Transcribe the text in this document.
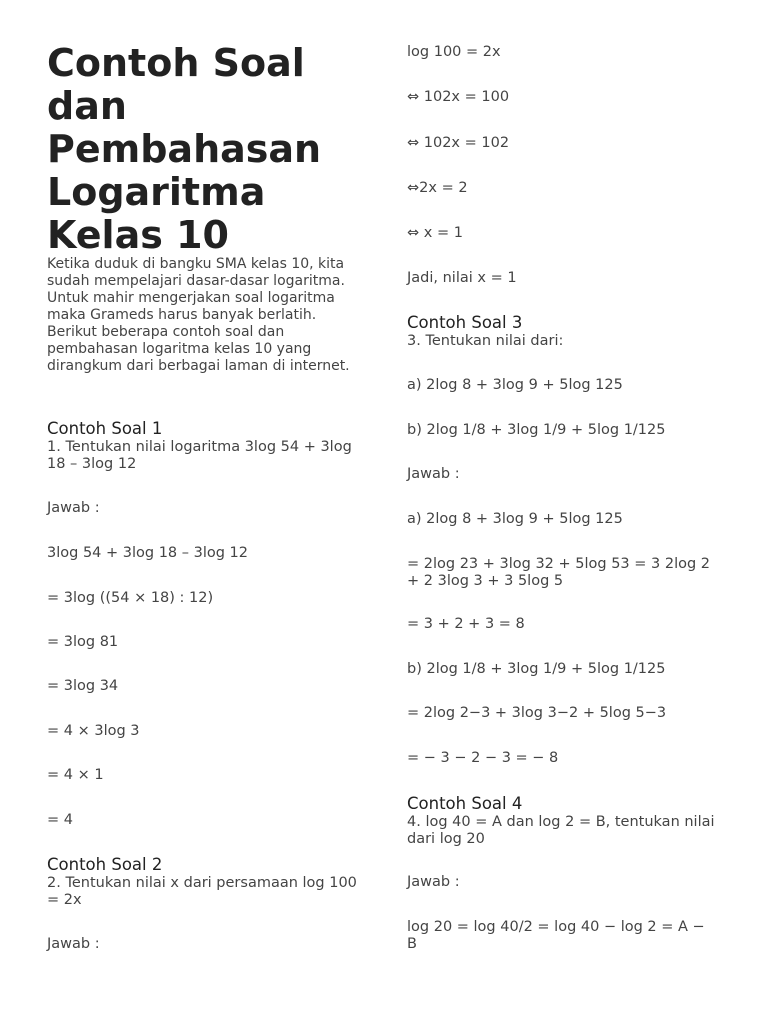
Contoh Soal dan Pembahasan Logaritma Kelas 10

Ketika duduk di bangku SMA kelas 10, kita sudah mempelajari dasar-dasar logaritma. Untuk mahir mengerjakan soal logaritma maka Grameds harus banyak berlatih. Berikut beberapa contoh soal dan pembahasan logaritma kelas 10 yang dirangkum dari berbagai laman di internet.

Contoh Soal 1

1. Tentukan nilai logaritma 3log 54 + 3log 18 – 3log 12

Jawab :

3log 54 + 3log 18 – 3log 12

= 3log ((54 × 18) : 12)

= 3log 81

= 3log 34

= 4 × 3log 3

= 4 × 1

= 4

Contoh Soal 2

2. Tentukan nilai x dari persamaan log 100 = 2x

Jawab :

log 100 = 2x

⇔ 102x = 100

⇔ 102x = 102

⇔2x = 2

⇔ x = 1

Jadi, nilai x = 1

Contoh Soal 3

3. Tentukan nilai dari:

a) 2log 8 + 3log 9 + 5log 125

b) 2log 1/8 + 3log 1/9 + 5log 1/125

Jawab :

a) 2log 8 + 3log 9 + 5log 125

= 2log 23 + 3log 32 + 5log 53 = 3 2log 2 + 2 3log 3 + 3 5log 5

= 3 + 2 + 3 = 8

b) 2log 1/8 + 3log 1/9 + 5log 1/125

= 2log 2−3 + 3log 3−2 + 5log 5−3

= − 3 − 2 − 3 = − 8

Contoh Soal 4

4. log 40 = A dan log 2 = B, tentukan nilai dari log 20

Jawab :

log 20 = log 40/2 = log 40 − log 2 = A − B
